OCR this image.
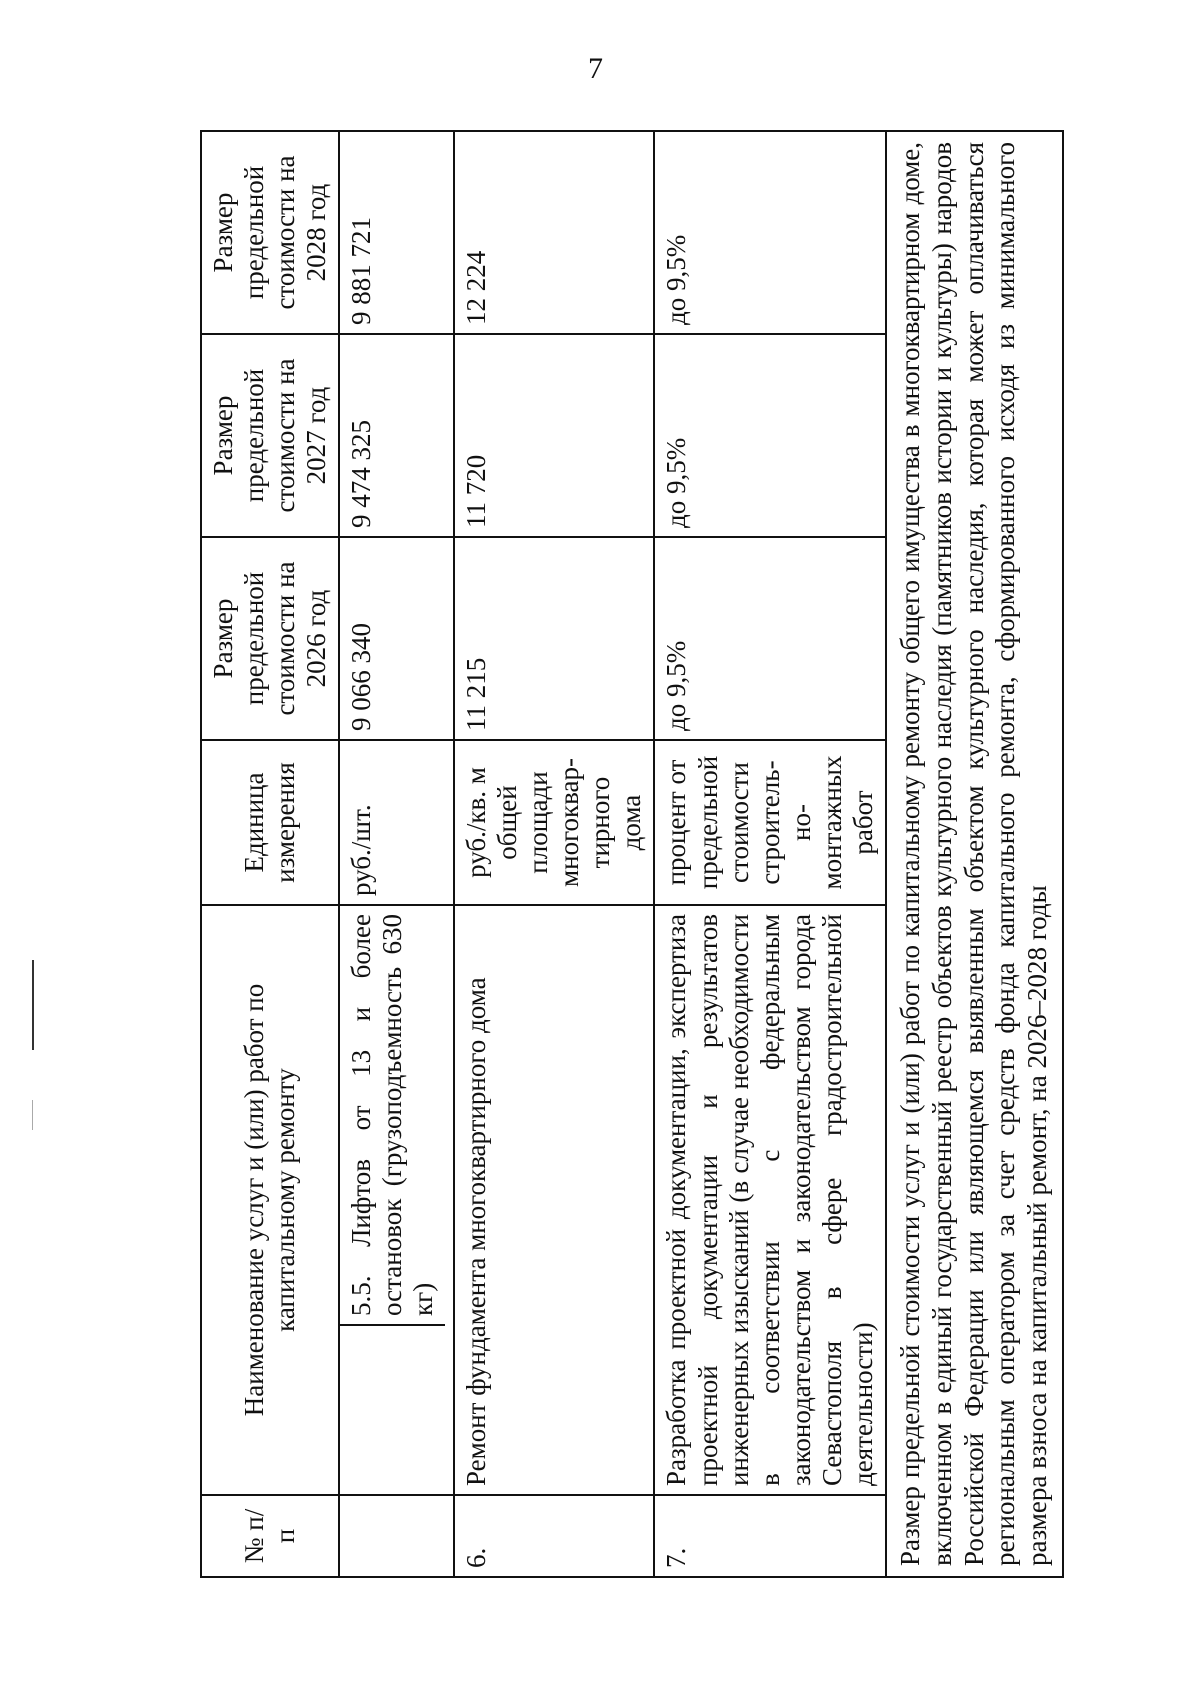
7
№ п/п	Наименование услуг и (или) работ по капитальному ремонту	Единица измерения	Размер предельной стоимости на 2026 год	Размер предельной стоимости на 2027 год	Размер предельной стоимости на 2028 год

	5.5. Лифтов от 13 и более остановок (грузоподъемность 630 кг)	руб./шт.	9 066 340	9 474 325	9 881 721
6.	Ремонт фундамента многоквартирного дома	руб./кв. м общей площади многоквар-тирного дома	11 215	11 720	12 224
7.	Разработка проектной документации, экспертиза проектной документации и результатов инженерных изысканий (в случае необходимости в соответствии с федеральным законодательством и законодательством города Севастополя в сфере градостроительной деятельности)	процент от предельной стоимости строитель-но-монтажных работ	до 9,5%	до 9,5%	до 9,5%
Размер предельной стоимости услуг и (или) работ по капитальному ремонту общего имущества в многоквартирном доме, включенном в единый государственный реестр объектов культурного наследия (памятников истории и культуры) народов Российской Федерации или являющемся выявленным объектом культурного наследия, которая может оплачиваться региональным оператором за счет средств фонда капитального ремонта, сформированного исходя из минимального размера взноса на капитальный ремонт, на 2026–2028 годы					
